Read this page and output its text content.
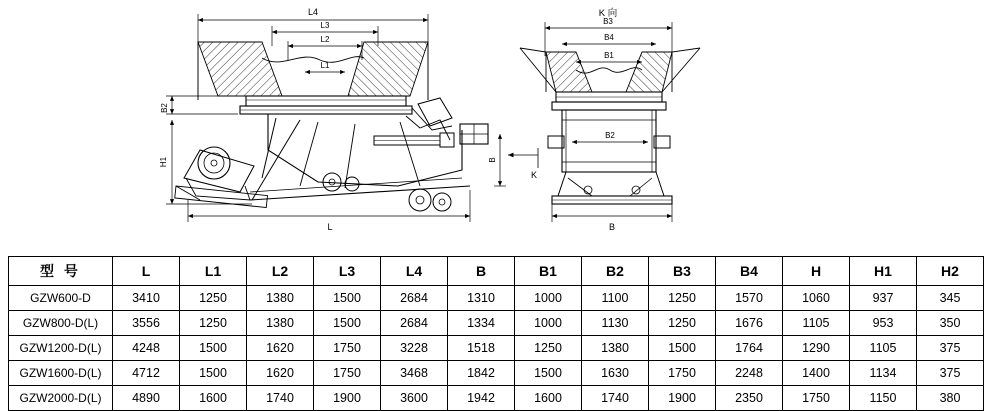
L4
L3
L2
L1
B2
H1	B
K
L
K 向
B3
B4
B1
B2
B
型 号	L	L1	L2	L3	L4	B	B1	B2	B3	B4	H	H1	H2
GZW600-D	3410	1250	1380	1500	2684	1310	1000	1100	1250	1570	1060	937	345
GZW800-D(L)	3556	1250	1380	1500	2684	1334	1000	1130	1250	1676	1105	953	350
GZW1200-D(L)	4248	1500	1620	1750	3228	1518	1250	1380	1500	1764	1290	1105	375
GZW1600-D(L)	4712	1500	1620	1750	3468	1842	1500	1630	1750	2248	1400	1134	375
GZW2000-D(L)	4890	1600	1740	1900	3600	1942	1600	1740	1900	2350	1750	1150	380
